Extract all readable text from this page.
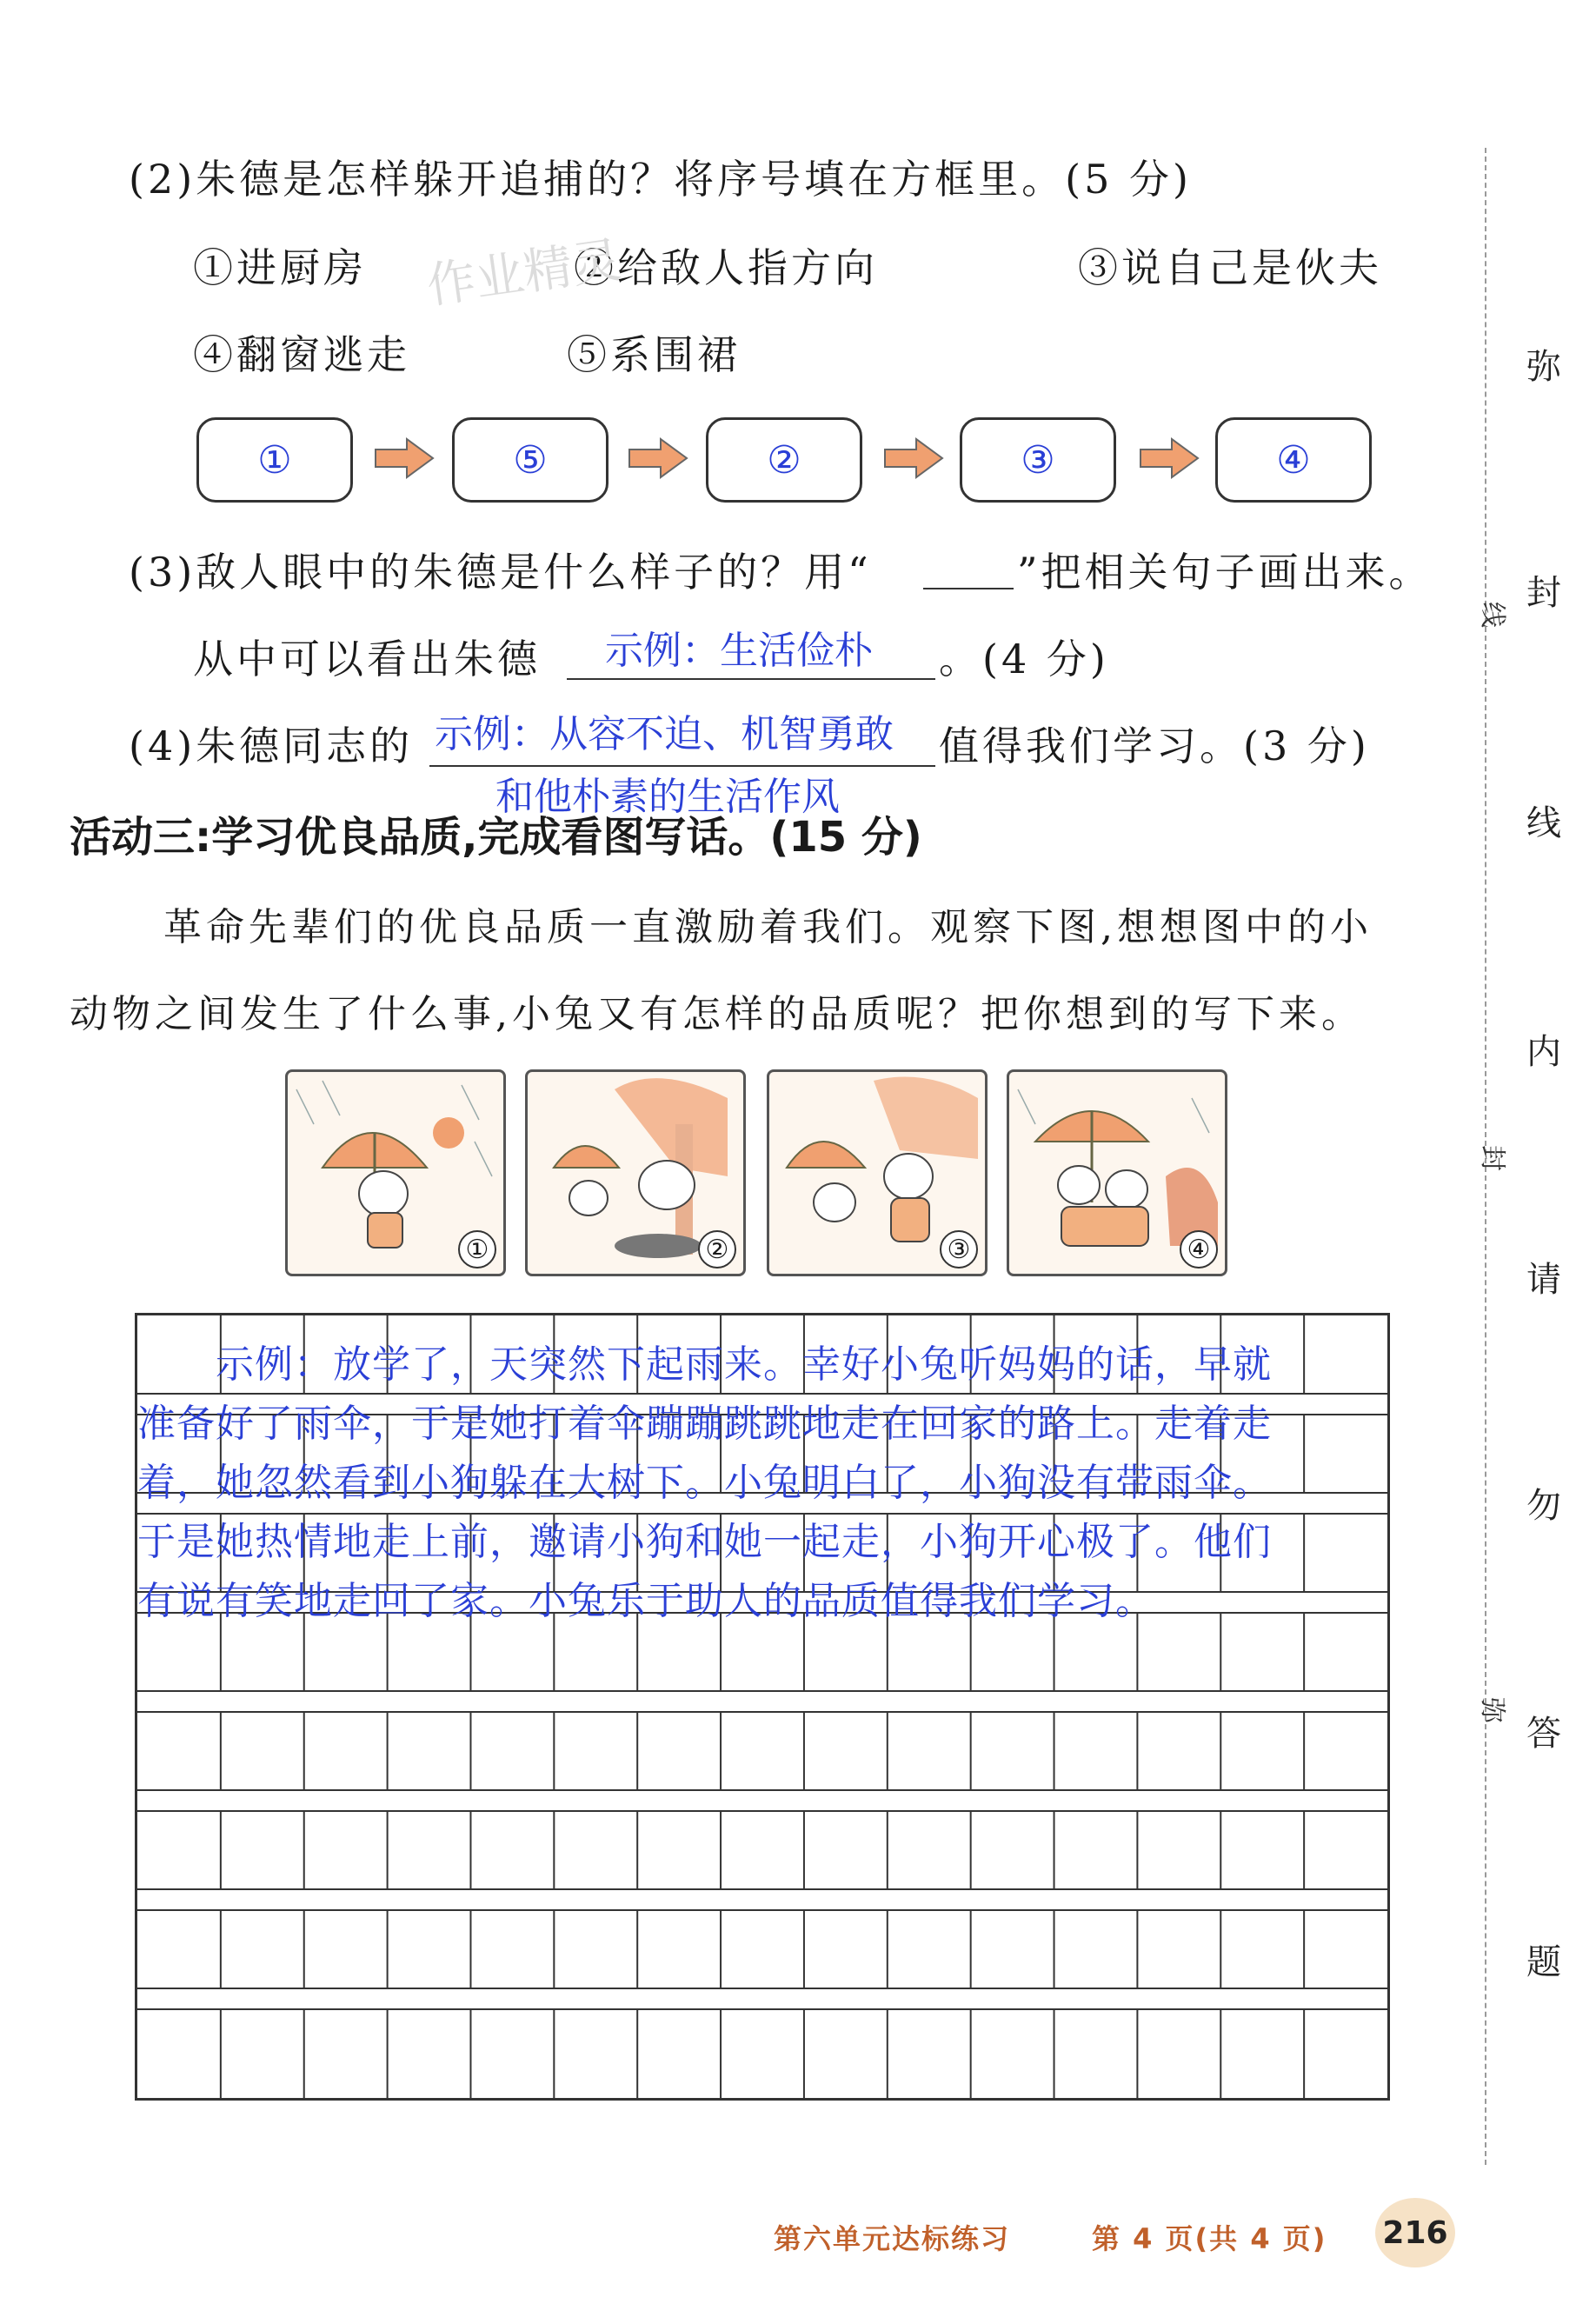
(2)朱德是怎样躲开追捕的？将序号填在方框里。(5 分)
①进厨房	②给敌人指方向	③说自己是伙夫
④翻窗逃走	⑤系围裙
作业精灵
①	⑤	②	③	④
(3)敌人眼中的朱德是什么样子的？用“	”把相关句子画出来。
从中可以看出朱德 示例：生活俭朴 。(4 分)
(4)朱德同志的 示例：从容不迫、机智勇敢
和他朴素的生活作风
值得我们学习。(3 分)
活动三:学习优良品质,完成看图写话。(15 分)
革命先辈们的优良品质一直激励着我们。观察下图,想想图中的小
动物之间发生了什么事,小兔又有怎样的品质呢？把你想到的写下来。
①	②	③	④
　　示例：放学了，天突然下起雨来。幸好小兔听妈妈的话，早就
准备好了雨伞，于是她打着伞蹦蹦跳跳地走在回家的路上。走着走
着，她忽然看到小狗躲在大树下。小兔明白了，小狗没有带雨伞。
于是她热情地走上前，邀请小狗和她一起走，小狗开心极了。他们
有说有笑地走回了家。小兔乐于助人的品质值得我们学习。
弥
封
线
内
请
勿
答
题
线
封
弥
第六单元达标练习	第 4 页(共 4 页) 216
